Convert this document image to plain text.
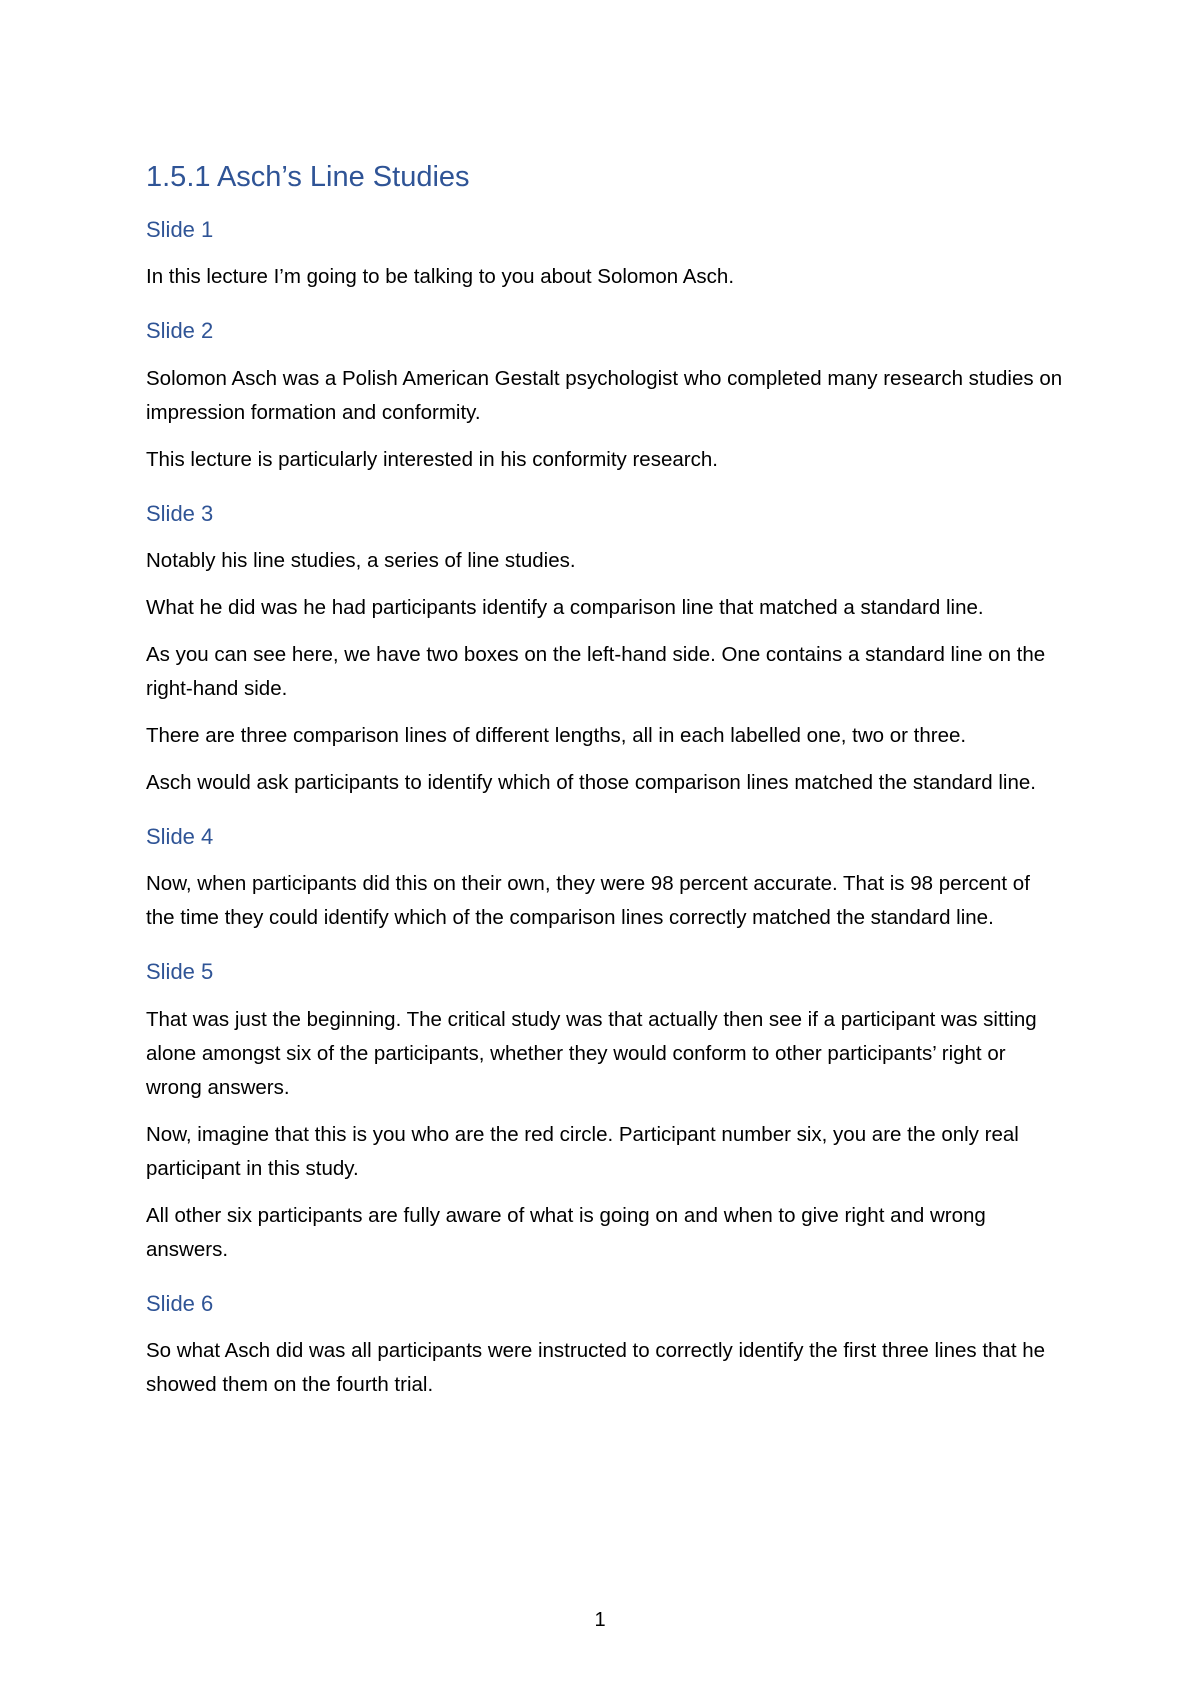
1.5.1 Asch’s Line Studies
Slide 1

In this lecture I’m going to be talking to you about Solomon Asch.

Slide 2

Solomon Asch was a Polish American Gestalt psychologist who completed many research studies on impression formation and conformity.

This lecture is particularly interested in his conformity research.

Slide 3

Notably his line studies, a series of line studies.

What he did was he had participants identify a comparison line that matched a standard line.

As you can see here, we have two boxes on the left-hand side. One contains a standard line on the right-hand side.

There are three comparison lines of different lengths, all in each labelled one, two or three.

Asch would ask participants to identify which of those comparison lines matched the standard line.

Slide 4

Now, when participants did this on their own, they were 98 percent accurate. That is 98 percent of the time they could identify which of the comparison lines correctly matched the standard line.

Slide 5

That was just the beginning. The critical study was that actually then see if a participant was sitting alone amongst six of the participants, whether they would conform to other participants’ right or wrong answers.

Now, imagine that this is you who are the red circle. Participant number six, you are the only real participant in this study.

All other six participants are fully aware of what is going on and when to give right and wrong answers.

Slide 6

So what Asch did was all participants were instructed to correctly identify the first three lines that he showed them on the fourth trial.

1
